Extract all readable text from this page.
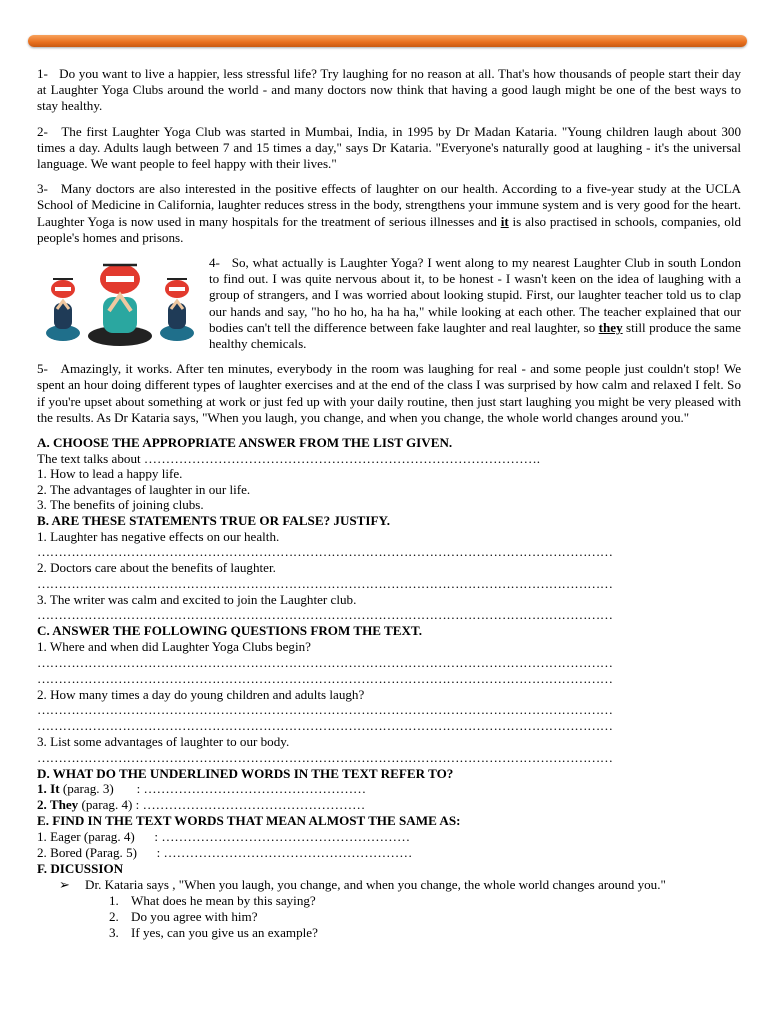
1- Do you want to live a happier, less stressful life? Try laughing for no reason at all. That's how thousands of people start their day at Laughter Yoga Clubs around the world - and many doctors now think that having a good laugh might be one of the best ways to stay healthy.

2- The first Laughter Yoga Club was started in Mumbai, India, in 1995 by Dr Madan Kataria. "Young children laugh about 300 times a day. Adults laugh between 7 and 15 times a day," says Dr Kataria. "Everyone's naturally good at laughing - it's the universal language. We want people to feel happy with their lives."

3- Many doctors are also interested in the positive effects of laughter on our health. According to a five-year study at the UCLA School of Medicine in California, laughter reduces stress in the body, strengthens your immune system and is very good for the heart. Laughter Yoga is now used in many hospitals for the treatment of serious illnesses and it is also practised in schools, companies, old people's homes and prisons.

4- So, what actually is Laughter Yoga? I went along to my nearest Laughter Club in south London to find out. I was quite nervous about it, to be honest - I wasn't keen on the idea of laughing with a group of strangers, and I was worried about looking stupid. First, our laughter teacher told us to clap our hands and say, "ho ho ho, ha ha ha," while looking at each other. The teacher explained that our bodies can't tell the difference between fake laughter and real laughter, so they still produce the same healthy chemicals.

5- Amazingly, it works. After ten minutes, everybody in the room was laughing for real - and some people just couldn't stop! We spent an hour doing different types of laughter exercises and at the end of the class I was surprised by how calm and relaxed I felt. So if you're upset about something at work or just fed up with your daily routine, then just start laughing you might be very pleased with the results. As Dr Kataria says, "When you laugh, you change, and when you change, the whole world changes around you."

A. CHOOSE THE APPROPRIATE ANSWER FROM THE LIST GIVEN.
The text talks about ……………………………………………………………………………….
1. How to lead a happy life.
2. The advantages of laughter in our life.
3. The benefits of joining clubs.
B. ARE THESE STATEMENTS TRUE OR FALSE? JUSTIFY.
1. Laughter has negative effects on our health.
………………………………………………………………………………………………………………………
2. Doctors care about the benefits of laughter.
………………………………………………………………………………………………………………………
3. The writer was calm and excited to join the Laughter club.
………………………………………………………………………………………………………………………
C. ANSWER THE FOLLOWING QUESTIONS FROM THE TEXT.
1. Where and when did Laughter Yoga Clubs begin?
………………………………………………………………………………………………………………………
………………………………………………………………………………………………………………………
2. How many times a day do young children and adults laugh?
………………………………………………………………………………………………………………………
………………………………………………………………………………………………………………………
3. List some advantages of laughter to our body.
………………………………………………………………………………………………………………………
D. WHAT DO THE UNDERLINED WORDS IN THE TEXT REFER TO?
1. It (parag. 3)       : ……………………………………………
2. They (parag. 4) : ……………………………………………
E. FIND IN THE TEXT WORDS THAT MEAN ALMOST THE SAME AS:
1. Eager (parag. 4)      : …………………………………………………
2. Bored (Parag. 5)      : …………………………………………………
F. DICUSSION
➢ Dr. Kataria says , "When you laugh, you change, and when you change, the whole world changes around you."
1. What does he mean by this saying?
2. Do you agree with him?
3. If yes, can you give us an example?
